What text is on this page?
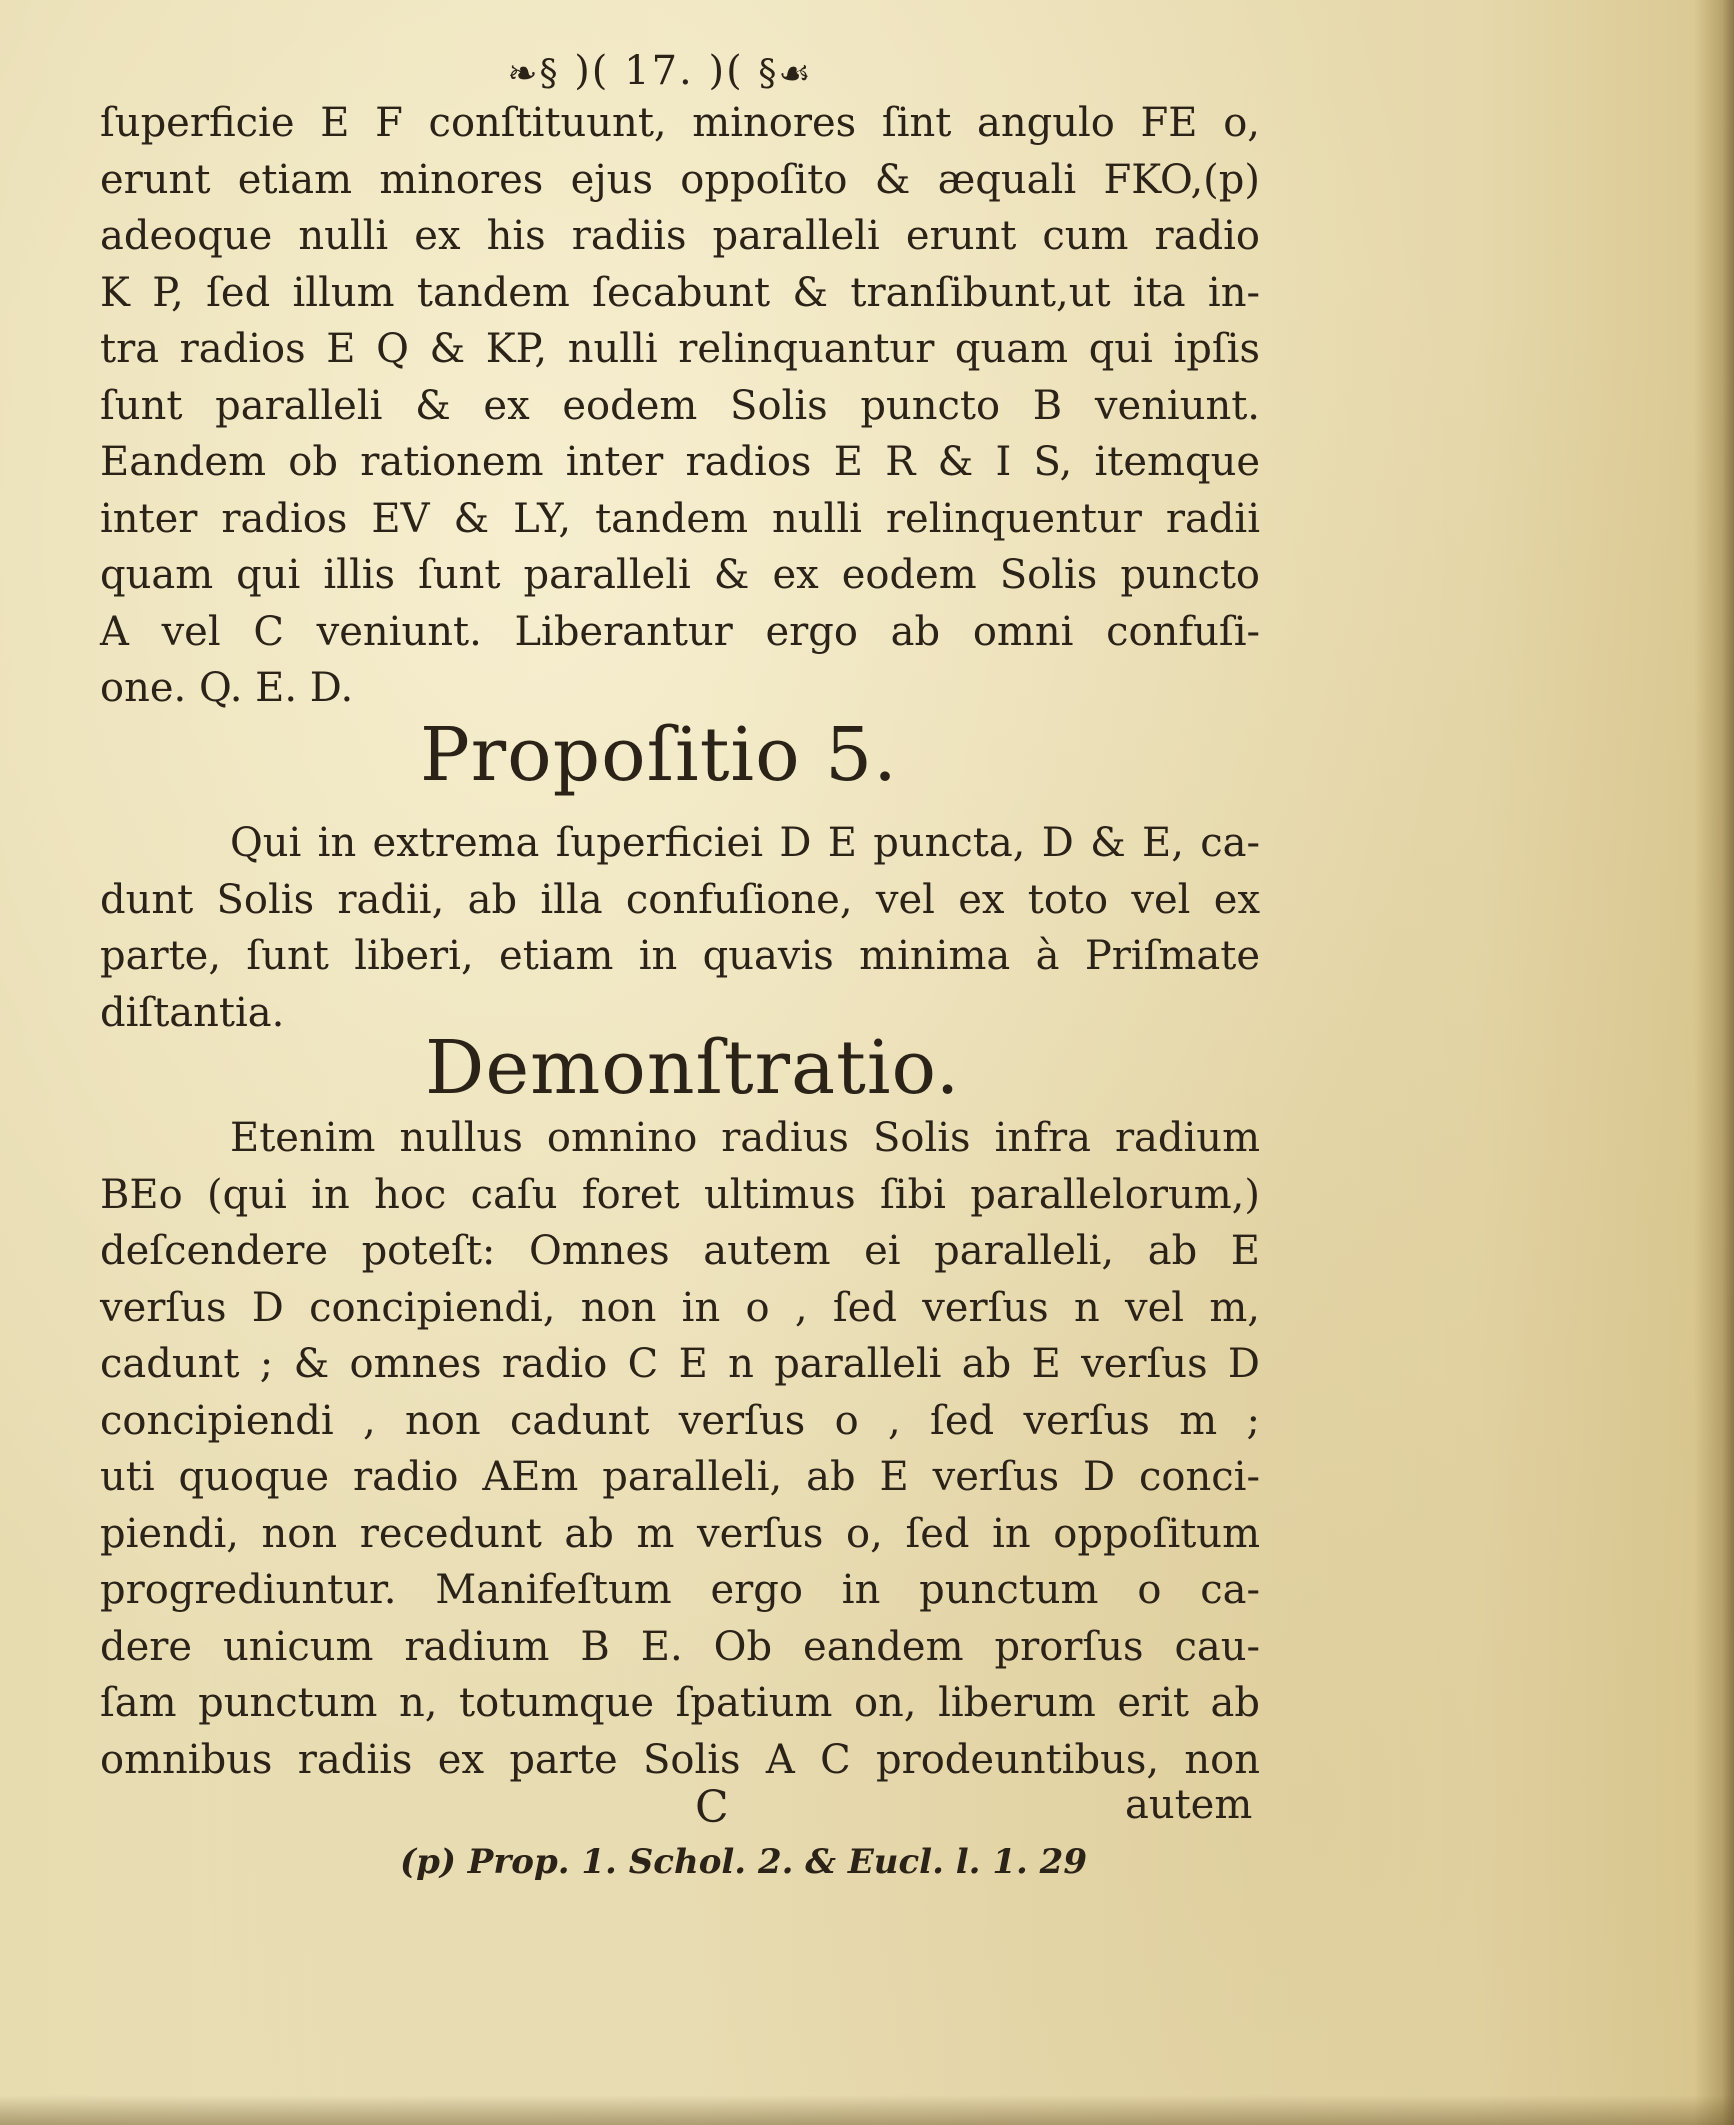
❧§ )( 17. )( §☙
ſuperficie E F conſtituunt, minores ſint angulo FE o,
erunt etiam minores ejus oppoſito & æquali FKO,(p)
adeoque nulli ex his radiis paralleli erunt cum radio
K P, ſed illum tandem ſecabunt & tranſibunt,ut ita in-
tra radios E Q & KP, nulli relinquantur quam qui ipſis
ſunt paralleli & ex eodem Solis puncto B veniunt.
Eandem ob rationem inter radios E R & I S, itemque
inter radios EV & LY, tandem nulli relinquentur radii
quam qui illis ſunt paralleli & ex eodem Solis puncto
A vel C veniunt. Liberantur ergo ab omni confuſi-
one. Q. E. D.
Propoſitio 5.
Qui in extrema ſuperficiei D E puncta, D & E, ca-
dunt Solis radii, ab illa confuſione, vel ex toto vel ex
parte, ſunt liberi, etiam in quavis minima à Priſmate
diſtantia.
Demonſtratio.
Etenim nullus omnino radius Solis infra radium
BEo (qui in hoc caſu foret ultimus ſibi parallelorum,)
deſcendere poteſt: Omnes autem ei paralleli, ab E
verſus D concipiendi, non in o , ſed verſus n vel m,
cadunt ; & omnes radio C E n paralleli ab E verſus D
concipiendi , non cadunt verſus o , ſed verſus m ;
uti quoque radio AEm paralleli, ab E verſus D conci-
piendi, non recedunt ab m verſus o, ſed in oppoſitum
progrediuntur. Manifeſtum ergo in punctum o ca-
dere unicum radium B E. Ob eandem prorſus cau-
ſam punctum n, totumque ſpatium on, liberum erit ab
omnibus radiis ex parte Solis A C prodeuntibus, non
C	autem
(p) Prop. 1. Schol. 2. & Eucl. l. 1. 29
